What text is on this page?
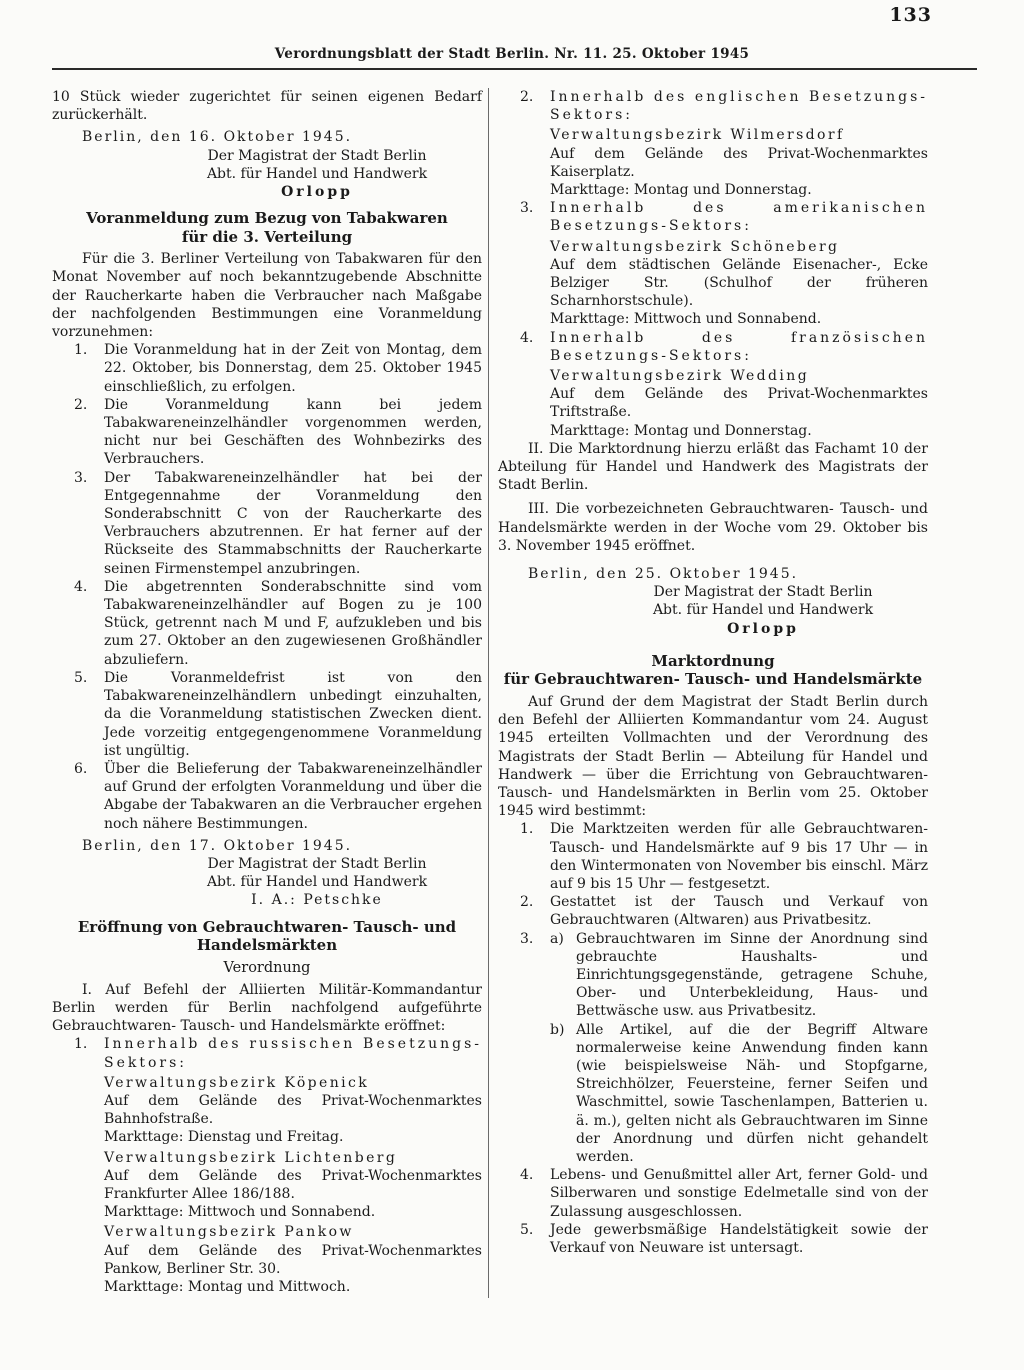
133
Verordnungsblatt der Stadt Berlin. Nr. 11. 25. Oktober 1945

10 Stück wieder zugerichtet für seinen eigenen Bedarf zurückerhält.

Berlin, den 16. Oktober 1945.

Der Magistrat der Stadt Berlin

Abt. für Handel und Handwerk

Orlopp

Voranmeldung zum Bezug von Tabakwaren
für die 3. Verteilung

Für die 3. Berliner Verteilung von Tabakwaren für den Monat November auf noch bekanntzugebende Abschnitte der Raucherkarte haben die Verbraucher nach Maßgabe der nachfolgenden Bestimmungen eine Voranmeldung vorzunehmen:

1. Die Voranmeldung hat in der Zeit von Montag, dem 22. Oktober, bis Donnerstag, dem 25. Oktober 1945 einschließlich, zu erfolgen.
2. Die Voranmeldung kann bei jedem Tabakwareneinzelhändler vorgenommen werden, nicht nur bei Geschäften des Wohnbezirks des Verbrauchers.
3. Der Tabakwareneinzelhändler hat bei der Entgegennahme der Voranmeldung den Sonderabschnitt C von der Raucherkarte des Verbrauchers abzutrennen. Er hat ferner auf der Rückseite des Stammabschnitts der Raucherkarte seinen Firmenstempel anzubringen.
4. Die abgetrennten Sonderabschnitte sind vom Tabakwareneinzelhändler auf Bogen zu je 100 Stück, getrennt nach M und F, aufzukleben und bis zum 27. Oktober an den zugewiesenen Großhändler abzuliefern.
5. Die Voranmeldefrist ist von den Tabakwareneinzelhändlern unbedingt einzuhalten, da die Voranmeldung statistischen Zwecken dient. Jede vorzeitig entgegengenommene Voranmeldung ist ungültig.
6. Über die Belieferung der Tabakwareneinzelhändler auf Grund der erfolgten Voranmeldung und über die Abgabe der Tabakwaren an die Verbraucher ergehen noch nähere Bestimmungen.

Berlin, den 17. Oktober 1945.

Der Magistrat der Stadt Berlin

Abt. für Handel und Handwerk

I. A.: Petschke

Eröffnung von Gebrauchtwaren- Tausch- und
Handelsmärkten

Verordnung

I. Auf Befehl der Alliierten Militär-Kommandantur Berlin werden für Berlin nachfolgend aufgeführte Gebrauchtwaren- Tausch- und Handelsmärkte eröffnet:

1. Innerhalb des russischen Besetzungs-Sektors:
Verwaltungsbezirk Köpenick

Auf dem Gelände des Privat-Wochenmarktes Bahnhofstraße.

Markttage: Dienstag und Freitag.

Verwaltungsbezirk Lichtenberg

Auf dem Gelände des Privat-Wochenmarktes Frankfurter Allee 186/188.

Markttage: Mittwoch und Sonnabend.

Verwaltungsbezirk Pankow

Auf dem Gelände des Privat-Wochenmarktes Pankow, Berliner Str. 30.

Markttage: Montag und Mittwoch.

2. Innerhalb des englischen Besetzungs-Sektors:
Verwaltungsbezirk Wilmersdorf

Auf dem Gelände des Privat-Wochenmarktes Kaiserplatz.

Markttage: Montag und Donnerstag.

3. Innerhalb des amerikanischen Besetzungs-Sektors:
Verwaltungsbezirk Schöneberg

Auf dem städtischen Gelände Eisenacher-, Ecke Belziger Str. (Schulhof der früheren Scharnhorstschule).

Markttage: Mittwoch und Sonnabend.

4. Innerhalb des französischen Besetzungs-Sektors:
Verwaltungsbezirk Wedding

Auf dem Gelände des Privat-Wochenmarktes Triftstraße.

Markttage: Montag und Donnerstag.

II. Die Marktordnung hierzu erläßt das Fachamt 10 der Abteilung für Handel und Handwerk des Magistrats der Stadt Berlin.

III. Die vorbezeichneten Gebrauchtwaren- Tausch- und Handelsmärkte werden in der Woche vom 29. Oktober bis 3. November 1945 eröffnet.

Berlin, den 25. Oktober 1945.

Der Magistrat der Stadt Berlin

Abt. für Handel und Handwerk

Orlopp

Marktordnung
für Gebrauchtwaren- Tausch- und Handelsmärkte

Auf Grund der dem Magistrat der Stadt Berlin durch den Befehl der Alliierten Kommandantur vom 24. August 1945 erteilten Vollmachten und der Verordnung des Magistrats der Stadt Berlin — Abteilung für Handel und Handwerk — über die Errichtung von Gebrauchtwaren-Tausch- und Handelsmärkten in Berlin vom 25. Oktober 1945 wird bestimmt:

1. Die Marktzeiten werden für alle Gebrauchtwaren-Tausch- und Handelsmärkte auf 9 bis 17 Uhr — in den Wintermonaten von November bis einschl. März auf 9 bis 15 Uhr — festgesetzt.
2. Gestattet ist der Tausch und Verkauf von Gebrauchtwaren (Altwaren) aus Privatbesitz.
3. a) Gebrauchtwaren im Sinne der Anordnung sind gebrauchte Haushalts- und Einrichtungsgegenstände, getragene Schuhe, Ober- und Unterbekleidung, Haus- und Bettwäsche usw. aus Privatbesitz.
b) Alle Artikel, auf die der Begriff Altware normalerweise keine Anwendung finden kann (wie beispielsweise Näh- und Stopfgarne, Streichhölzer, Feuersteine, ferner Seifen und Waschmittel, sowie Taschenlampen, Batterien u. ä. m.), gelten nicht als Gebrauchtwaren im Sinne der Anordnung und dürfen nicht gehandelt werden.
4. Lebens- und Genußmittel aller Art, ferner Gold- und Silberwaren und sonstige Edelmetalle sind von der Zulassung ausgeschlossen.
5. Jede gewerbsmäßige Handelstätigkeit sowie der Verkauf von Neuware ist untersagt.
